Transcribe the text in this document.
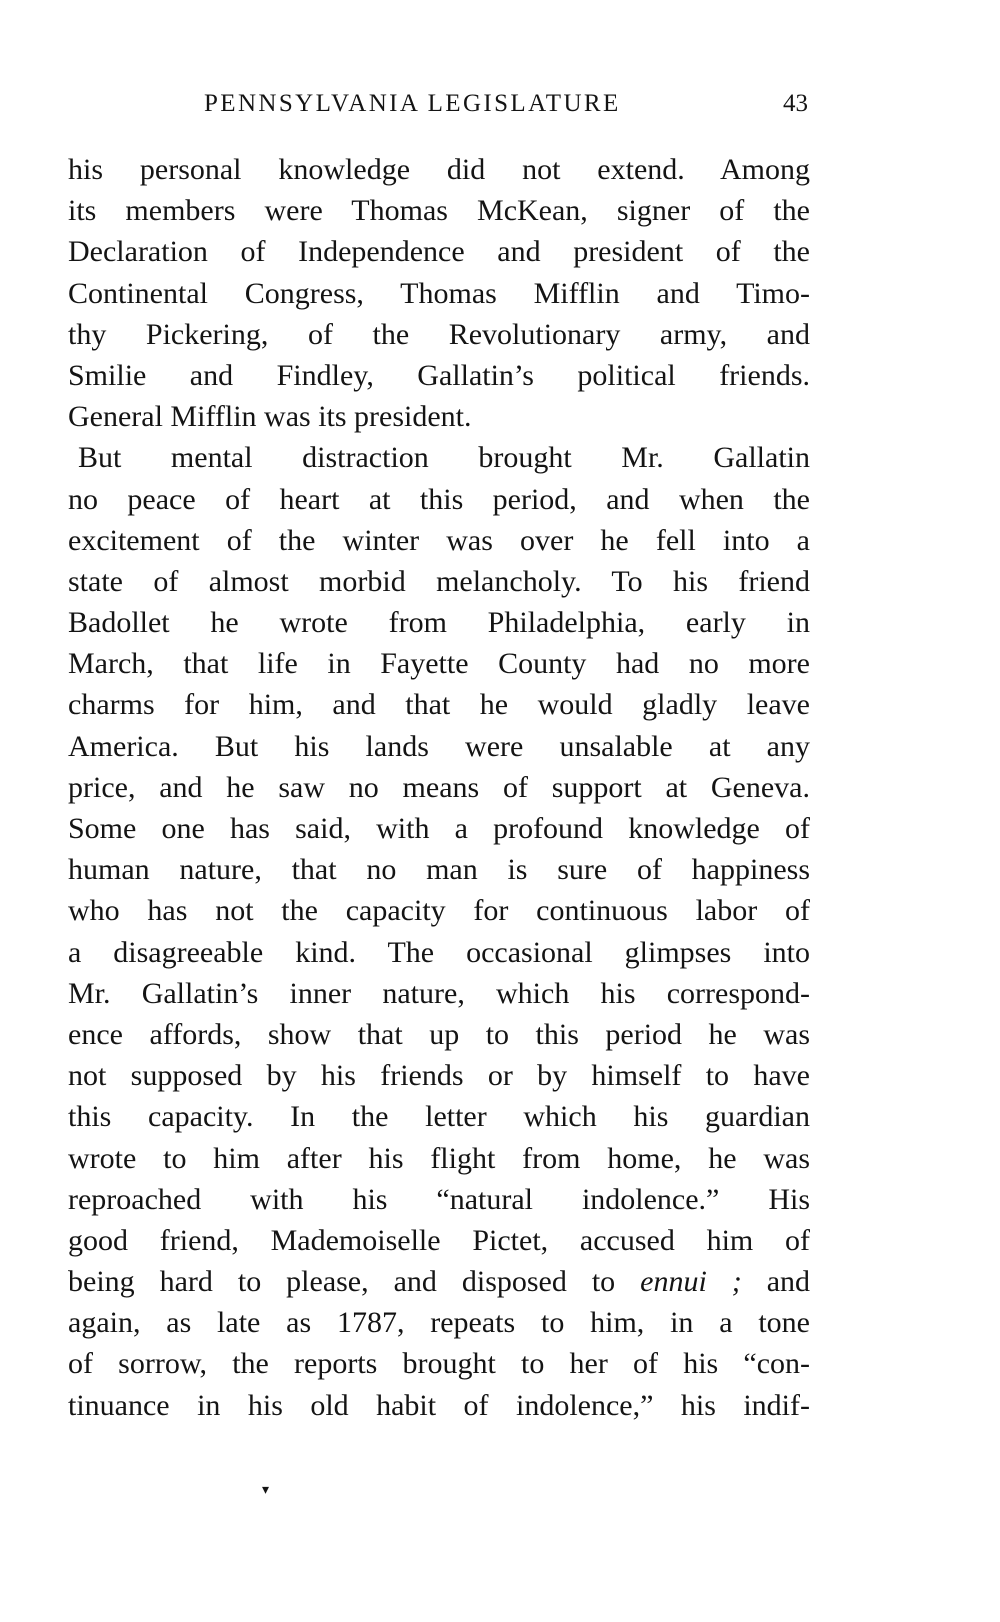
PENNSYLVANIA LEGISLATURE	43
his personal knowledge did not extend. Among
its members were Thomas McKean, signer of the
Declaration of Independence and president of the
Continental Congress, Thomas Mifflin and Timo-
thy Pickering, of the Revolutionary army, and
Smilie and Findley, Gallatin’s political friends.
General Mifflin was its president.
But mental distraction brought Mr. Gallatin
no peace of heart at this period, and when the
excitement of the winter was over he fell into a
state of almost morbid melancholy. To his friend
Badollet he wrote from Philadelphia, early in
March, that life in Fayette County had no more
charms for him, and that he would gladly leave
America. But his lands were unsalable at any
price, and he saw no means of support at Geneva.
Some one has said, with a profound knowledge of
human nature, that no man is sure of happiness
who has not the capacity for continuous labor of
a disagreeable kind. The occasional glimpses into
Mr. Gallatin’s inner nature, which his correspond-
ence affords, show that up to this period he was
not supposed by his friends or by himself to have
this capacity. In the letter which his guardian
wrote to him after his flight from home, he was
reproached with his “natural indolence.” His
good friend, Mademoiselle Pictet, accused him of
being hard to please, and disposed to ennui ; and
again, as late as 1787, repeats to him, in a tone
of sorrow, the reports brought to her of his “con-
tinuance in his old habit of indolence,” his indif-
▾
